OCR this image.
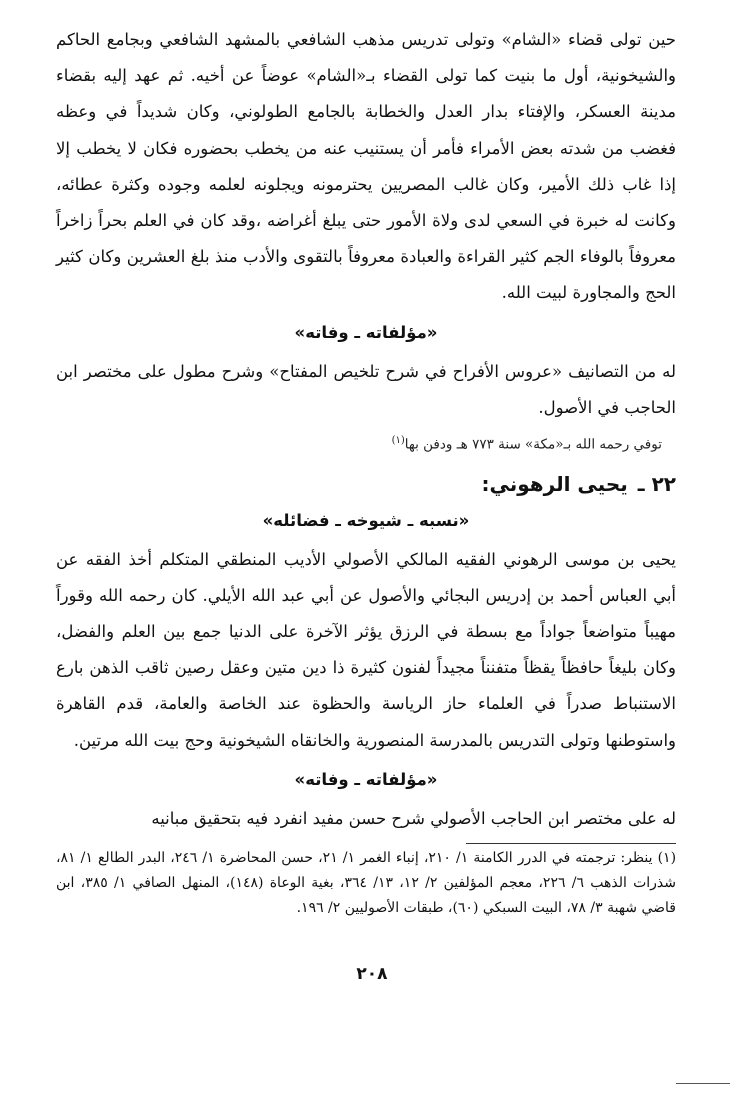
حين تولى قضاء «الشام» وتولى تدريس مذهب الشافعي بالمشهد الشافعي وبجامع الحاكم والشيخونية، أول ما بنيت كما تولى القضاء بـ«الشام» عوضاً عن أخيه. ثم عهد إليه بقضاء مدينة العسكر، والإفتاء بدار العدل والخطابة بالجامع الطولوني، وكان شديداً في وعظه فغضب من شدته بعض الأمراء فأمر أن يستنيب عنه من يخطب بحضوره فكان لا يخطب إلا إذا غاب ذلك الأمير، وكان غالب المصريين يحترمونه ويجلونه لعلمه وجوده وكثرة عطائه، وكانت له خبرة في السعي لدى ولاة الأمور حتى يبلغ أغراضه ،وقد كان في العلم بحراً زاخراً معروفاً بالوفاء الجم كثير القراءة والعبادة معروفاً بالتقوى والأدب منذ بلغ العشرين وكان كثير الحج والمجاورة لبيت الله.

«مؤلفاته ـ وفاته»

له من التصانيف «عروس الأفراح في شرح تلخيص المفتاح» وشرح مطول على مختصر ابن الحاجب في الأصول.

توفي رحمه الله بـ«مكة» سنة ٧٧٣ هـ ودفن بها$^{(١)}$

٢٢ ـ
يحيى الرهوني:
«نسبه ـ شيوخه ـ فضائله»

يحيى بن موسى الرهوني الفقيه المالكي الأصولي الأديب المنطقي المتكلم أخذ الفقه عن أبي العباس أحمد بن إدريس البجائي والأصول عن أبي عبد الله الأيلي. كان رحمه الله وقوراً مهيباً متواضعاً جواداً مع بسطة في الرزق يؤثر الآخرة على الدنيا جمع بين العلم والفضل، وكان بليغاً حافظاً يقظاً متفنناً مجيداً لفنون كثيرة ذا دين متين وعقل رصين ثاقب الذهن بارع الاستنباط صدراً في العلماء حاز الرياسة والحظوة عند الخاصة والعامة، قدم القاهرة واستوطنها وتولى التدريس بالمدرسة المنصورية والخانقاه الشيخونية وحج بيت الله مرتين.

«مؤلفاته ـ وفاته»

له على مختصر ابن الحاجب الأصولي شرح حسن مفيد انفرد فيه بتحقيق مبانيه

(١) ينظر: ترجمته في الدرر الكامنة ١/ ٢١٠، إنباء الغمر ١/ ٢١، حسن المحاضرة ١/ ٢٤٦، البدر الطالع ١/ ٨١، شذرات الذهب ٦/ ٢٢٦، معجم المؤلفين ٢/ ١٢، ١٣/ ٣٦٤، بغية الوعاة (١٤٨)، المنهل الصافي ١/ ٣٨٥، ابن قاضي شهبة ٣/ ٧٨، البيت السبكي (٦٠)، طبقات الأصوليين ٢/ ١٩٦.

٢٠٨
